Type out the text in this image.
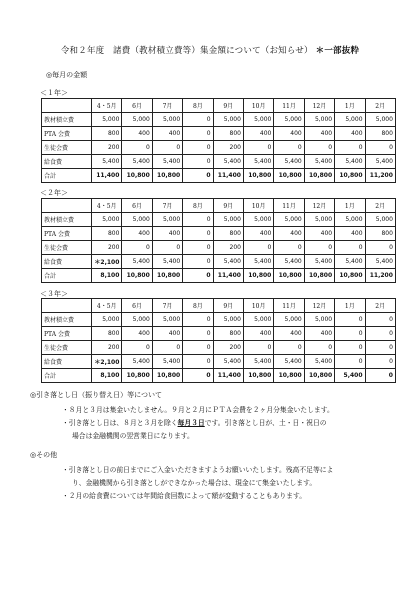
令和２年度　諸費（教材積立費等）集金額について（お知らせ） ＊一部抜粋
◎毎月の金額
＜１年＞
	4・5月	6月	7月	8月	9月	10月	11月	12月	1月	2月
教材積立費	5,000	5,000	5,000	0	5,000	5,000	5,000	5,000	5,000	5,000
PTA 会費	800	400	400	0	800	400	400	400	400	800
生徒会費	200	0	0	0	200	0	0	0	0	0
給食費	5,400	5,400	5,400	0	5,400	5,400	5,400	5,400	5,400	5,400
合計	11,400	10,800	10,800	0	11,400	10,800	10,800	10,800	10,800	11,200
＜２年＞
	4・5月	6月	7月	8月	9月	10月	11月	12月	1月	2月
教材積立費	5,000	5,000	5,000	0	5,000	5,000	5,000	5,000	5,000	5,000
PTA 会費	800	400	400	0	800	400	400	400	400	800
生徒会費	200	0	0	0	200	0	0	0	0	0
給食費	＊2,100	5,400	5,400	0	5,400	5,400	5,400	5,400	5,400	5,400
合計	8,100	10,800	10,800	0	11,400	10,800	10,800	10,800	10,800	11,200
＜３年＞
	4・5月	6月	7月	8月	9月	10月	11月	12月	1月	2月
教材積立費	5,000	5,000	5,000	0	5,000	5,000	5,000	5,000	0	0
PTA 会費	800	400	400	0	800	400	400	400	0	0
生徒会費	200	0	0	0	200	0	0	0	0	0
給食費	＊2,100	5,400	5,400	0	5,400	5,400	5,400	5,400	0	0
合計	8,100	10,800	10,800	0	11,400	10,800	10,800	10,800	5,400	0
◎引き落とし日（振り替え日）等について
・８月と３月は集金いたしません。９月と２月にＰＴＡ会費を２ヶ月分集金いたします。
・引き落とし日は、８月と３月を除く毎月３日です。引き落とし日が、土・日・祝日の
場合は金融機関の翌営業日になります。
◎その他
・引き落とし日の前日までにご入金いただきますようお願いいたします。残高不足等によ
り、金融機関から引き落としができなかった場合は、現金にて集金いたします。
・２月の給食費については年間給食回数によって額が変動することもあります。
